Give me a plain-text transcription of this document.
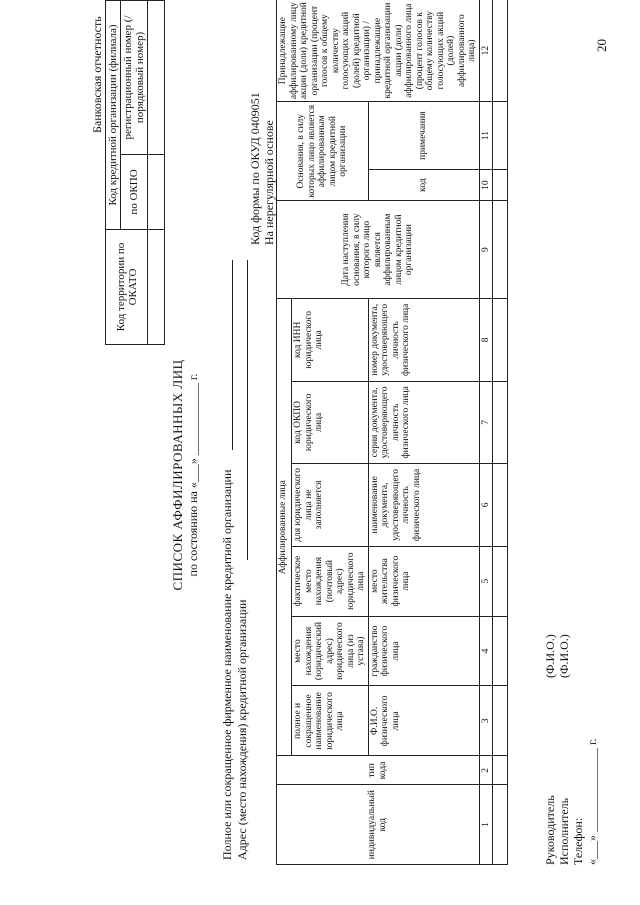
Банковская отчетность
Код территории по ОКАТО	Код кредитной организации (филиала)	
	по ОКПО	регистрационный номер (/порядковый номер)

СПИСОК АФФИЛИРОВАННЫХ ЛИЦ по состоянию на «___» ____________ г. Полное или сокращенное фирменное наименование кредитной организации Адрес (место нахождения) кредитной организации
Код формы по ОКУД 0409051 На нерегулярной основе
индивидуальный код	тип кода	Аффилированные лица						Дата наступления основания, в силу которого лицо является аффилированным лицом кредитной организации	Основания, в силу которых лицо является аффилированным лицом кредитной организации		Принадлежащие аффилированному лицу акции (доли) кредитной организации (процент голосов к общему количеству голосующих акций (долей) кредитной организации) / принадлежащие кредитной организации акции (доли) аффилированного лица (процент голосов к общему количеству голосующих акций (долей) аффилированного лица)
		полное и сокращенное наименование юридического лица	место нахождения (юридический адрес) юридического лица (из устава)	фактическое место нахождения (почтовый адрес) юридического лица	для юридического лица не заполняется	код ОКПО юридического лица	код ИНН юридического лица				
		Ф.И.О. физического лица	гражданство физического лица	место жительства физического лица	наименование документа, удостоверяющего личность физического лица	серия документа, удостоверяющего личность физического лица	номер документа, удостоверяющего личность физического лица		код	примечания	

1	2	3	4	5	6	7	8	9	10	11	12

Руководитель Исполнитель Телефон: «___» ______________ г.
(Ф.И.О.) (Ф.И.О.)
20
